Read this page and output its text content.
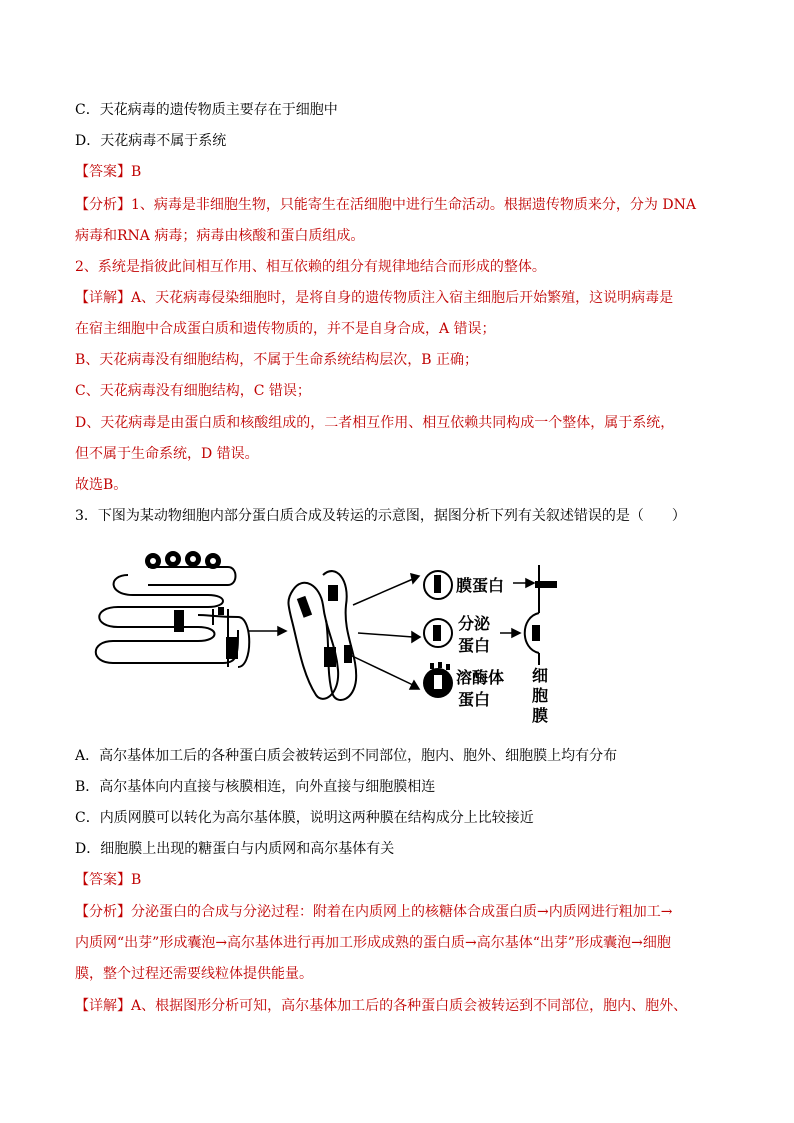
C．天花病毒的遗传物质主要存在于细胞中
D．天花病毒不属于系统
【答案】B
【分析】1、病毒是非细胞生物，只能寄生在活细胞中进行生命活动。根据遗传物质来分，分为 DNA
病毒和RNA 病毒；病毒由核酸和蛋白质组成。
2、系统是指彼此间相互作用、相互依赖的组分有规律地结合而形成的整体。
【详解】A、天花病毒侵染细胞时，是将自身的遗传物质注入宿主细胞后开始繁殖，这说明病毒是
在宿主细胞中合成蛋白质和遗传物质的，并不是自身合成，A 错误；
B、天花病毒没有细胞结构，不属于生命系统结构层次，B 正确；
C、天花病毒没有细胞结构，C 错误；
D、天花病毒是由蛋白质和核酸组成的，二者相互作用、相互依赖共同构成一个整体，属于系统，
但不属于生命系统，D 错误。
故选B。
3．下图为某动物细胞内部分蛋白质合成及转运的示意图，据图分析下列有关叙述错误的是（　　）
膜蛋白
分泌
蛋白
溶酶体
蛋白
细
胞
膜
A．高尔基体加工后的各种蛋白质会被转运到不同部位，胞内、胞外、细胞膜上均有分布
B．高尔基体向内直接与核膜相连，向外直接与细胞膜相连
C．内质网膜可以转化为高尔基体膜，说明这两种膜在结构成分上比较接近
D．细胞膜上出现的糖蛋白与内质网和高尔基体有关
【答案】B
【分析】分泌蛋白的合成与分泌过程：附着在内质网上的核糖体合成蛋白质→内质网进行粗加工→
内质网“出芽”形成囊泡→高尔基体进行再加工形成成熟的蛋白质→高尔基体“出芽”形成囊泡→细胞
膜，整个过程还需要线粒体提供能量。
【详解】A、根据图形分析可知，高尔基体加工后的各种蛋白质会被转运到不同部位，胞内、胞外、
